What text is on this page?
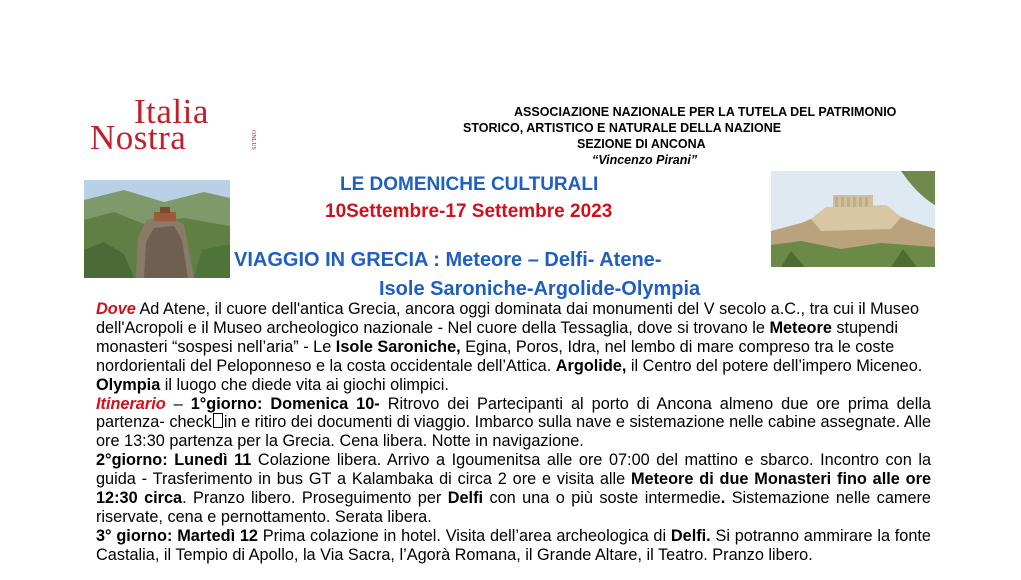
Italia
Nostra	ONLUS
ASSOCIAZIONE NAZIONALE PER LA TUTELA DEL PATRIMONIO
STORICO, ARTISTICO E NATURALE DELLA NAZIONE
SEZIONE DI ANCONA
“Vincenzo Pirani”
LE DOMENICHE CULTURALI
10Settembre-17 Settembre 2023
VIAGGIO IN GRECIA : Meteore – Delfi- Atene-
Isole Saroniche-Argolide-Olympia

Dove Ad Atene, il cuore dell'antica Grecia, ancora oggi dominata dai monumenti del V secolo a.C., tra cui il Museo dell'Acropoli e il Museo archeologico nazionale - Nel cuore della Tessaglia, dove si trovano le Meteore stupendi monasteri “sospesi nell’aria” - Le Isole Saroniche, Egina, Poros, Idra, nel lembo di mare compreso tra le coste nordorientali del Peloponneso e la costa occidentale dell’Attica. Argolide, il Centro del potere dell’impero Miceneo. Olympia il luogo che diede vita ai giochi olimpici.

Itinerario – 1°giorno: Domenica 10- Ritrovo dei Partecipanti al porto di Ancona almeno due ore prima della partenza- check in e ritiro dei documenti di viaggio. Imbarco sulla nave e sistemazione nelle cabine assegnate. Alle ore 13:30 partenza per la Grecia. Cena libera. Notte in navigazione.

2°giorno: Lunedì 11 Colazione libera. Arrivo a Igoumenitsa alle ore 07:00 del mattino e sbarco. Incontro con la guida - Trasferimento in bus GT a Kalambaka di circa 2 ore e visita alle Meteore di due Monasteri fino alle ore 12:30 circa. Pranzo libero. Proseguimento per Delfi con una o più soste intermedie. Sistemazione nelle camere riservate, cena e pernottamento. Serata libera.

3° giorno: Martedì 12 Prima colazione in hotel. Visita dell’area archeologica di Delfi. Si potranno ammirare la fonte Castalia, il Tempio di Apollo, la Via Sacra, l’Agorà Romana, il Grande Altare, il Teatro. Pranzo libero.
